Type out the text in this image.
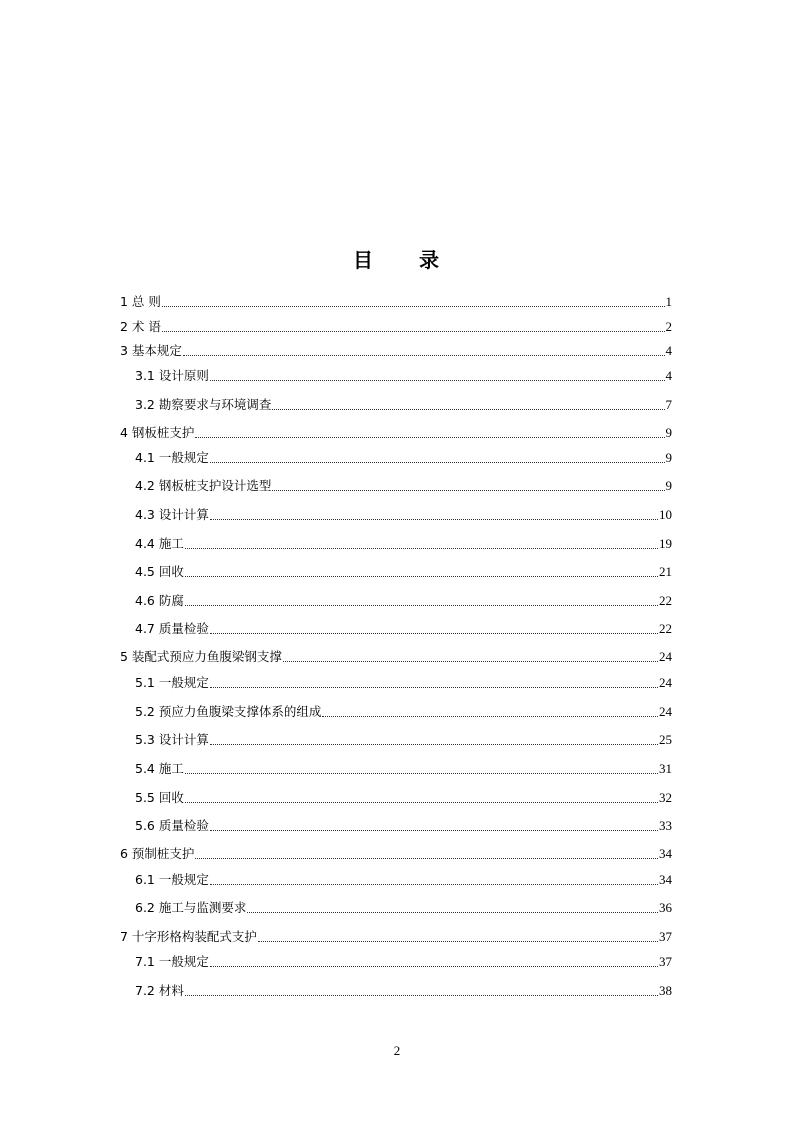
目　　录
1 总 则	1
2 术 语	2
3 基本规定	4
3.1 设计原则	4
3.2 勘察要求与环境调查	7
4 钢板桩支护	9
4.1 一般规定	9
4.2 钢板桩支护设计选型	9
4.3 设计计算	10
4.4 施工	19
4.5 回收	21
4.6 防腐	22
4.7 质量检验	22
5 装配式预应力鱼腹梁钢支撑	24
5.1 一般规定	24
5.2 预应力鱼腹梁支撑体系的组成	24
5.3 设计计算	25
5.4 施工	31
5.5 回收	32
5.6 质量检验	33
6 预制桩支护	34
6.1 一般规定	34
6.2 施工与监测要求	36
7 十字形格构装配式支护	37
7.1 一般规定	37
7.2 材料	38
2
